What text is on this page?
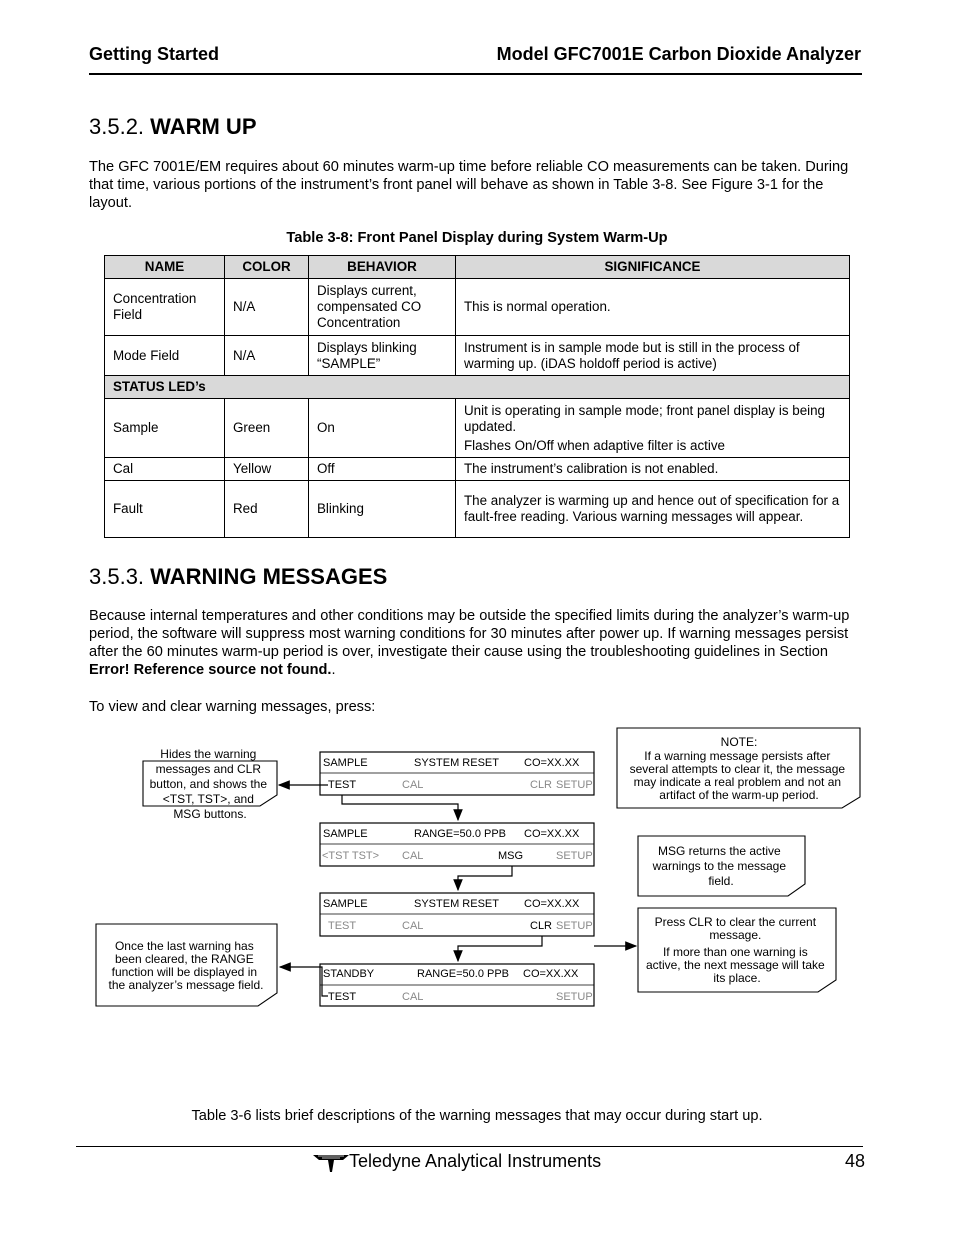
Getting Started	Model GFC7001E Carbon Dioxide Analyzer
3.5.2. WARM UP
The GFC 7001E/EM requires about 60 minutes warm-up time before reliable CO measurements can be taken. During that time, various portions of the instrument’s front panel will behave as shown in Table 3-8. See Figure 3-1 for the layout.
Table 3-8: Front Panel Display during System Warm-Up
NAME	COLOR	BEHAVIOR	SIGNIFICANCE
Concentration Field	N/A	Displays current, compensated CO Concentration	This is normal operation.
Mode Field	N/A	Displays blinking “SAMPLE”	Instrument is in sample mode but is still in the process of warming up. (iDAS holdoff period is active)
STATUS LED’s			
Sample	Green	On	Unit is operating in sample mode; front panel display is being updated.
Flashes On/Off when adaptive filter is active

Cal	Yellow	Off	The instrument’s calibration is not enabled.
Fault	Red	Blinking	The analyzer is warming up and hence out of specification for a fault-free reading. Various warning messages will appear.
3.5.3. WARNING MESSAGES
Because internal temperatures and other conditions may be outside the specified limits during the analyzer’s warm-up period, the software will suppress most warning conditions for 30 minutes after power up. If warning messages persist after the 60 minutes warm-up period is over, investigate their cause using the troubleshooting guidelines in Section Error! Reference source not found..
To view and clear warning messages, press:
SAMPLE	SYSTEM RESET CO=XX.XX
TEST	CAL	CLR SETUP
SAMPLE	RANGE=50.0 PPB CO=XX.XX
<TST TST> CAL	MSG	SETUP
SAMPLE	SYSTEM RESET CO=XX.XX
TEST	CAL	CLR SETUP
STANDBY	RANGE=50.0 PPB CO=XX.XX
TEST	CAL	SETUP
Hides the warning messages and CLR button, and shows the <TST, TST>, and MSG buttons.
NOTE:
If a warning message persists after several attempts to clear it, the message may indicate a real problem and not an artifact of the warm-up period.
MSG returns the active warnings to the message field.
Press CLR to clear the current message. If more than one warning is active, the next message will take its place.
Once the last warning has been cleared, the RANGE function will be displayed in the analyzer’s message field.
Table 3-6 lists brief descriptions of the warning messages that may occur during start up.
Teledyne Analytical Instruments	48
